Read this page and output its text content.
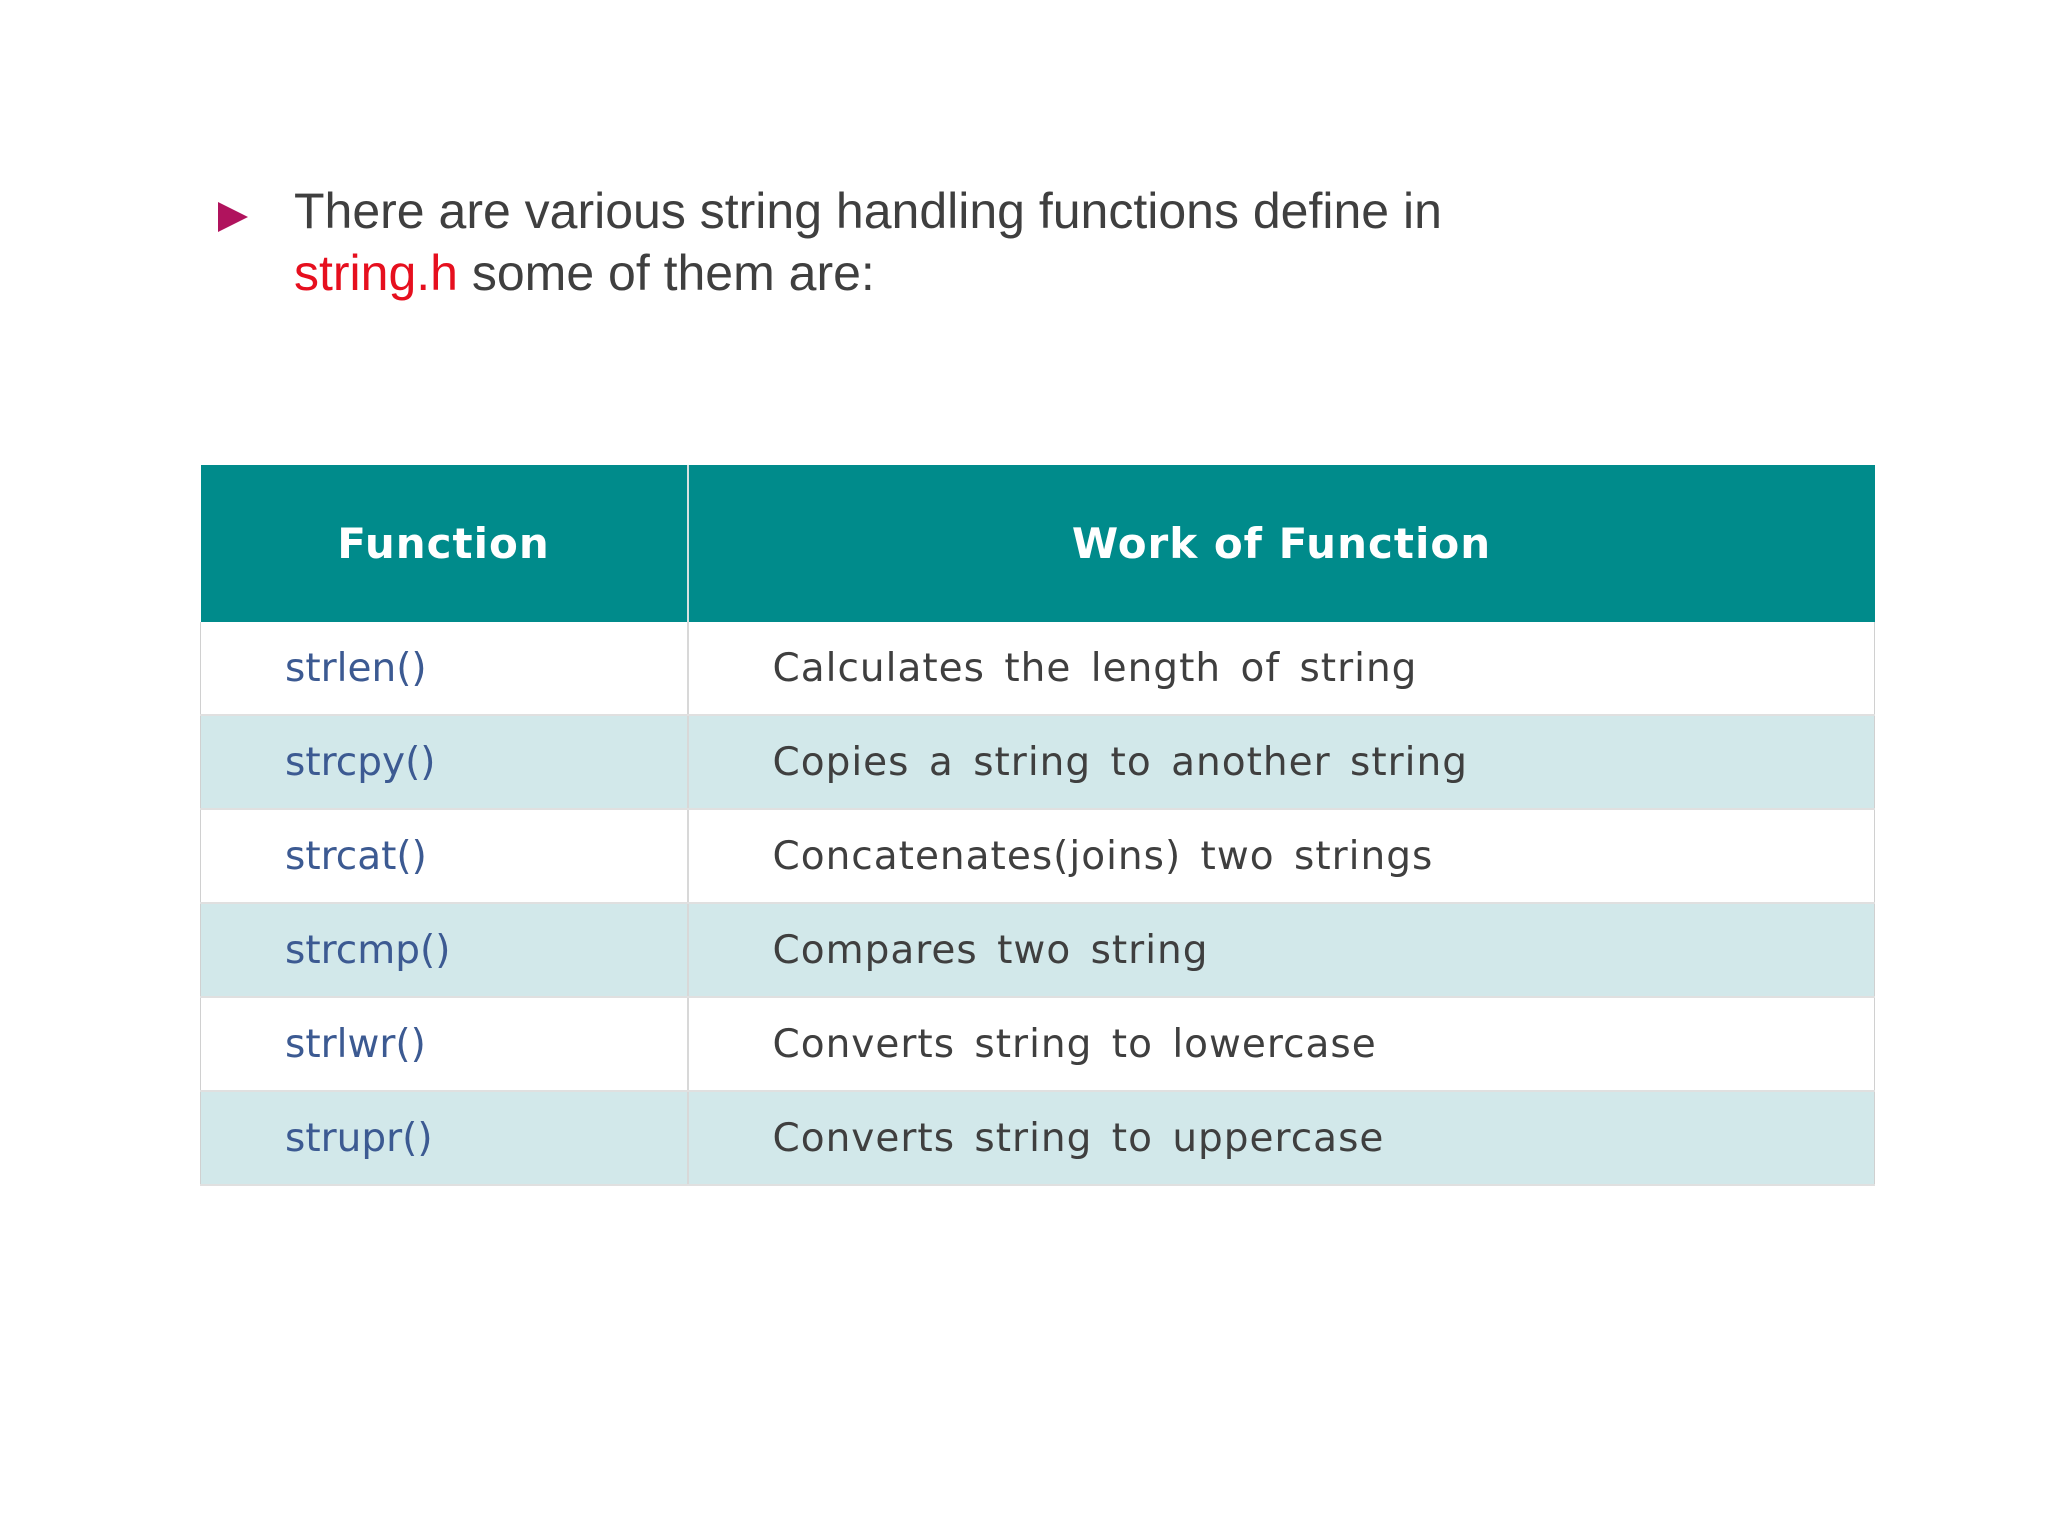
There are various string handling functions define in
string.h some of them are:
Function	Work of Function
strlen()	Calculates the length of string
strcpy()	Copies a string to another string
strcat()	Concatenates(joins) two strings
strcmp()	Compares two string
strlwr()	Converts string to lowercase
strupr()	Converts string to uppercase
